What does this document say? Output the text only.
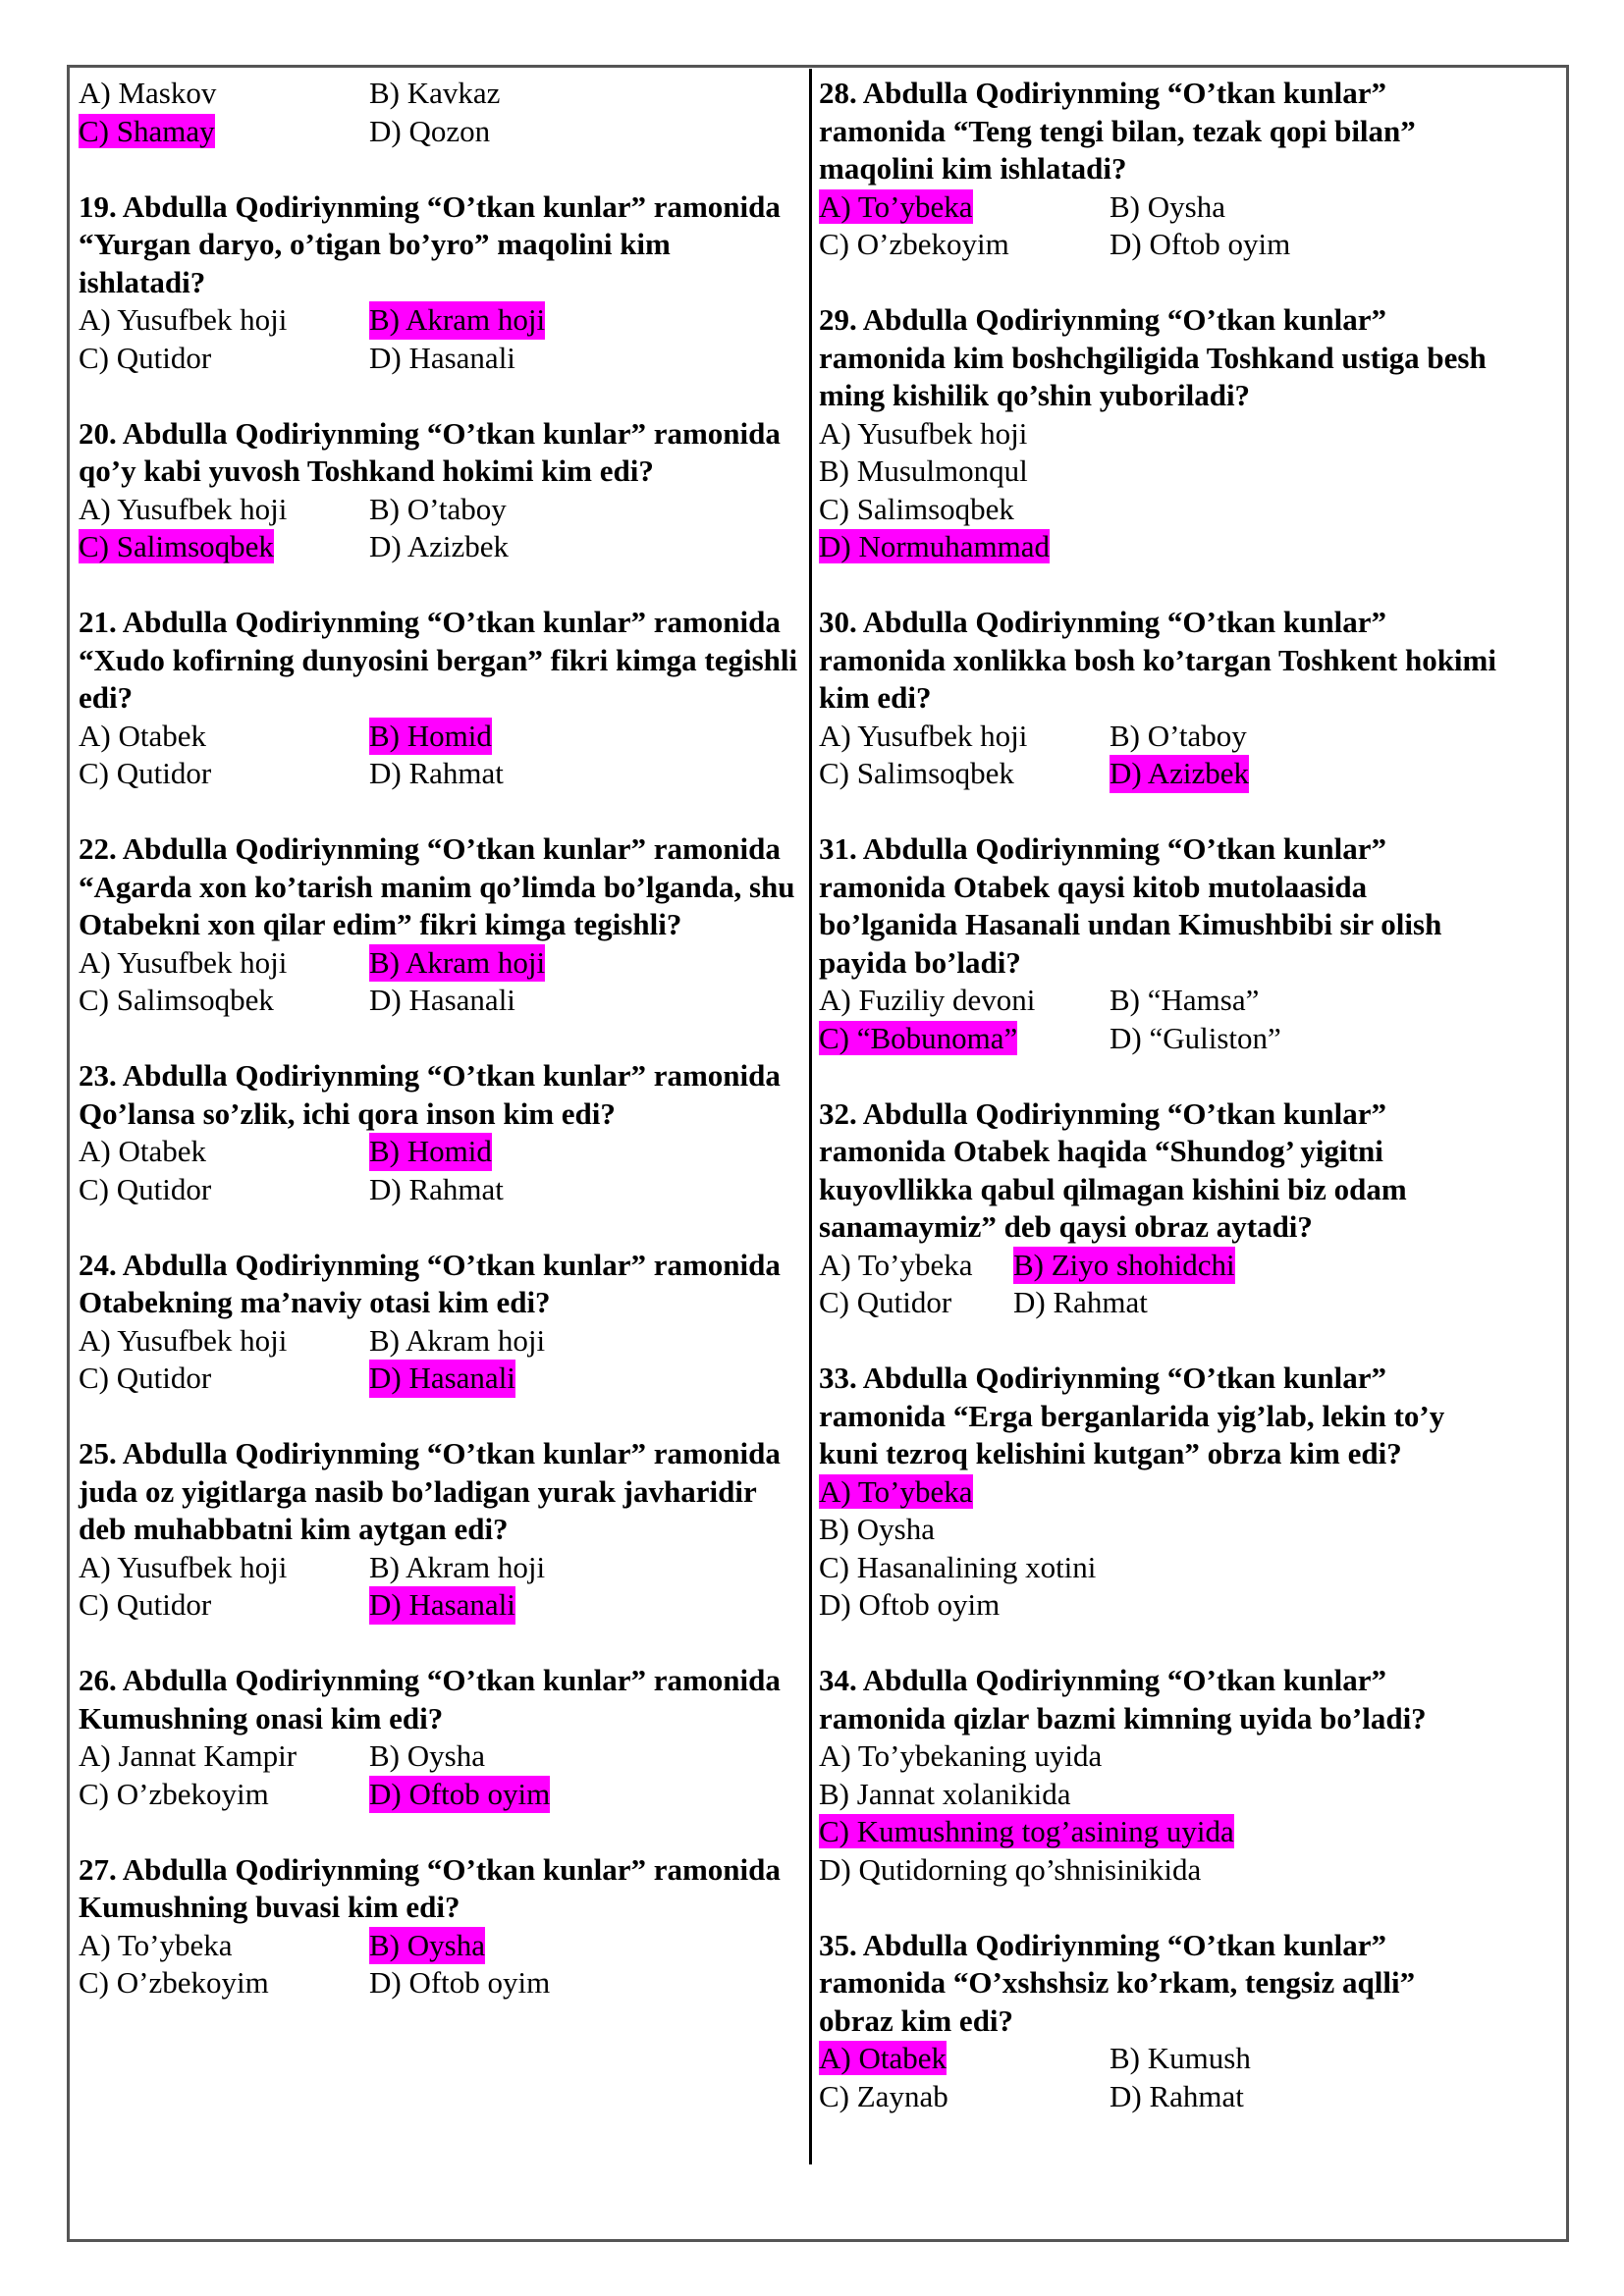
A) Maskov	B) Kavkaz
C) Shamay	D) Qozon
19. Abdulla Qodiriynming “O’tkan kunlar” ramonida “Yurgan daryo, o’tigan bo’yro” maqolini kim ishlatadi?
A) Yusufbek hoji	B) Akram hoji
C) Qutidor	D) Hasanali
20. Abdulla Qodiriynming “O’tkan kunlar” ramonida qo’y kabi yuvosh Toshkand hokimi kim edi?
A) Yusufbek hoji	B) O’taboy
C) Salimsoqbek	D) Azizbek
21. Abdulla Qodiriynming “O’tkan kunlar” ramonida “Xudo kofirning dunyosini bergan” fikri kimga tegishli edi?
A) Otabek	B) Homid
C) Qutidor	D) Rahmat
22. Abdulla Qodiriynming “O’tkan kunlar” ramonida “Agarda xon ko’tarish manim qo’limda bo’lganda, shu Otabekni xon qilar edim” fikri kimga tegishli?
A) Yusufbek hoji	B) Akram hoji
C) Salimsoqbek	D) Hasanali
23. Abdulla Qodiriynming “O’tkan kunlar” ramonida Qo’lansa so’zlik, ichi qora inson kim edi?
A) Otabek	B) Homid
C) Qutidor	D) Rahmat
24. Abdulla Qodiriynming “O’tkan kunlar” ramonida Otabekning ma’naviy otasi kim edi?
A) Yusufbek hoji	B) Akram hoji
C) Qutidor	D) Hasanali
25. Abdulla Qodiriynming “O’tkan kunlar” ramonida juda oz yigitlarga nasib bo’ladigan yurak javharidir deb muhabbatni kim aytgan edi?
A) Yusufbek hoji	B) Akram hoji
C) Qutidor	D) Hasanali
26. Abdulla Qodiriynming “O’tkan kunlar” ramonida Kumushning onasi kim edi?
A) Jannat Kampir	B) Oysha
C) O’zbekoyim	D) Oftob oyim
27. Abdulla Qodiriynming “O’tkan kunlar” ramonida Kumushning buvasi kim edi?
A) To’ybeka	B) Oysha
C) O’zbekoyim	D) Oftob oyim
28. Abdulla Qodiriynming “O’tkan kunlar” ramonida “Teng tengi bilan, tezak qopi bilan” maqolini kim ishlatadi?
A) To’ybeka	B) Oysha
C) O’zbekoyim	D) Oftob oyim
29. Abdulla Qodiriynming “O’tkan kunlar” ramonida kim boshchgiligida Toshkand ustiga besh ming kishilik qo’shin yuboriladi?
A) Yusufbek hoji
B) Musulmonqul
C) Salimsoqbek
D) Normuhammad
30. Abdulla Qodiriynming “O’tkan kunlar” ramonida xonlikka bosh ko’targan Toshkent hokimi kim edi?
A) Yusufbek hoji	B) O’taboy
C) Salimsoqbek	D) Azizbek
31. Abdulla Qodiriynming “O’tkan kunlar” ramonida Otabek qaysi kitob mutolaasida bo’lganida Hasanali undan Kimushbibi sir olish payida bo’ladi?
A) Fuziliy devoni	B) “Hamsa”
C) “Bobunoma”	D) “Guliston”
32. Abdulla Qodiriynming “O’tkan kunlar” ramonida Otabek haqida “Shundog’ yigitni kuyovllikka qabul qilmagan kishini biz odam sanamaymiz” deb qaysi obraz aytadi?
A) To’ybeka	B) Ziyo shohidchi
C) Qutidor	D) Rahmat
33. Abdulla Qodiriynming “O’tkan kunlar” ramonida “Erga berganlarida yig’lab, lekin to’y kuni tezroq kelishini kutgan” obrza kim edi?
A) To’ybeka
B) Oysha
C) Hasanalining xotini
D) Oftob oyim
34. Abdulla Qodiriynming “O’tkan kunlar” ramonida qizlar bazmi kimning uyida bo’ladi?
A) To’ybekaning uyida
B) Jannat xolanikida
C) Kumushning tog’asining uyida
D) Qutidorning qo’shnisinikida
35. Abdulla Qodiriynming “O’tkan kunlar” ramonida “O’xshshsiz ko’rkam, tengsiz aqlli” obraz kim edi?
A) Otabek	B) Kumush
C) Zaynab	D) Rahmat
